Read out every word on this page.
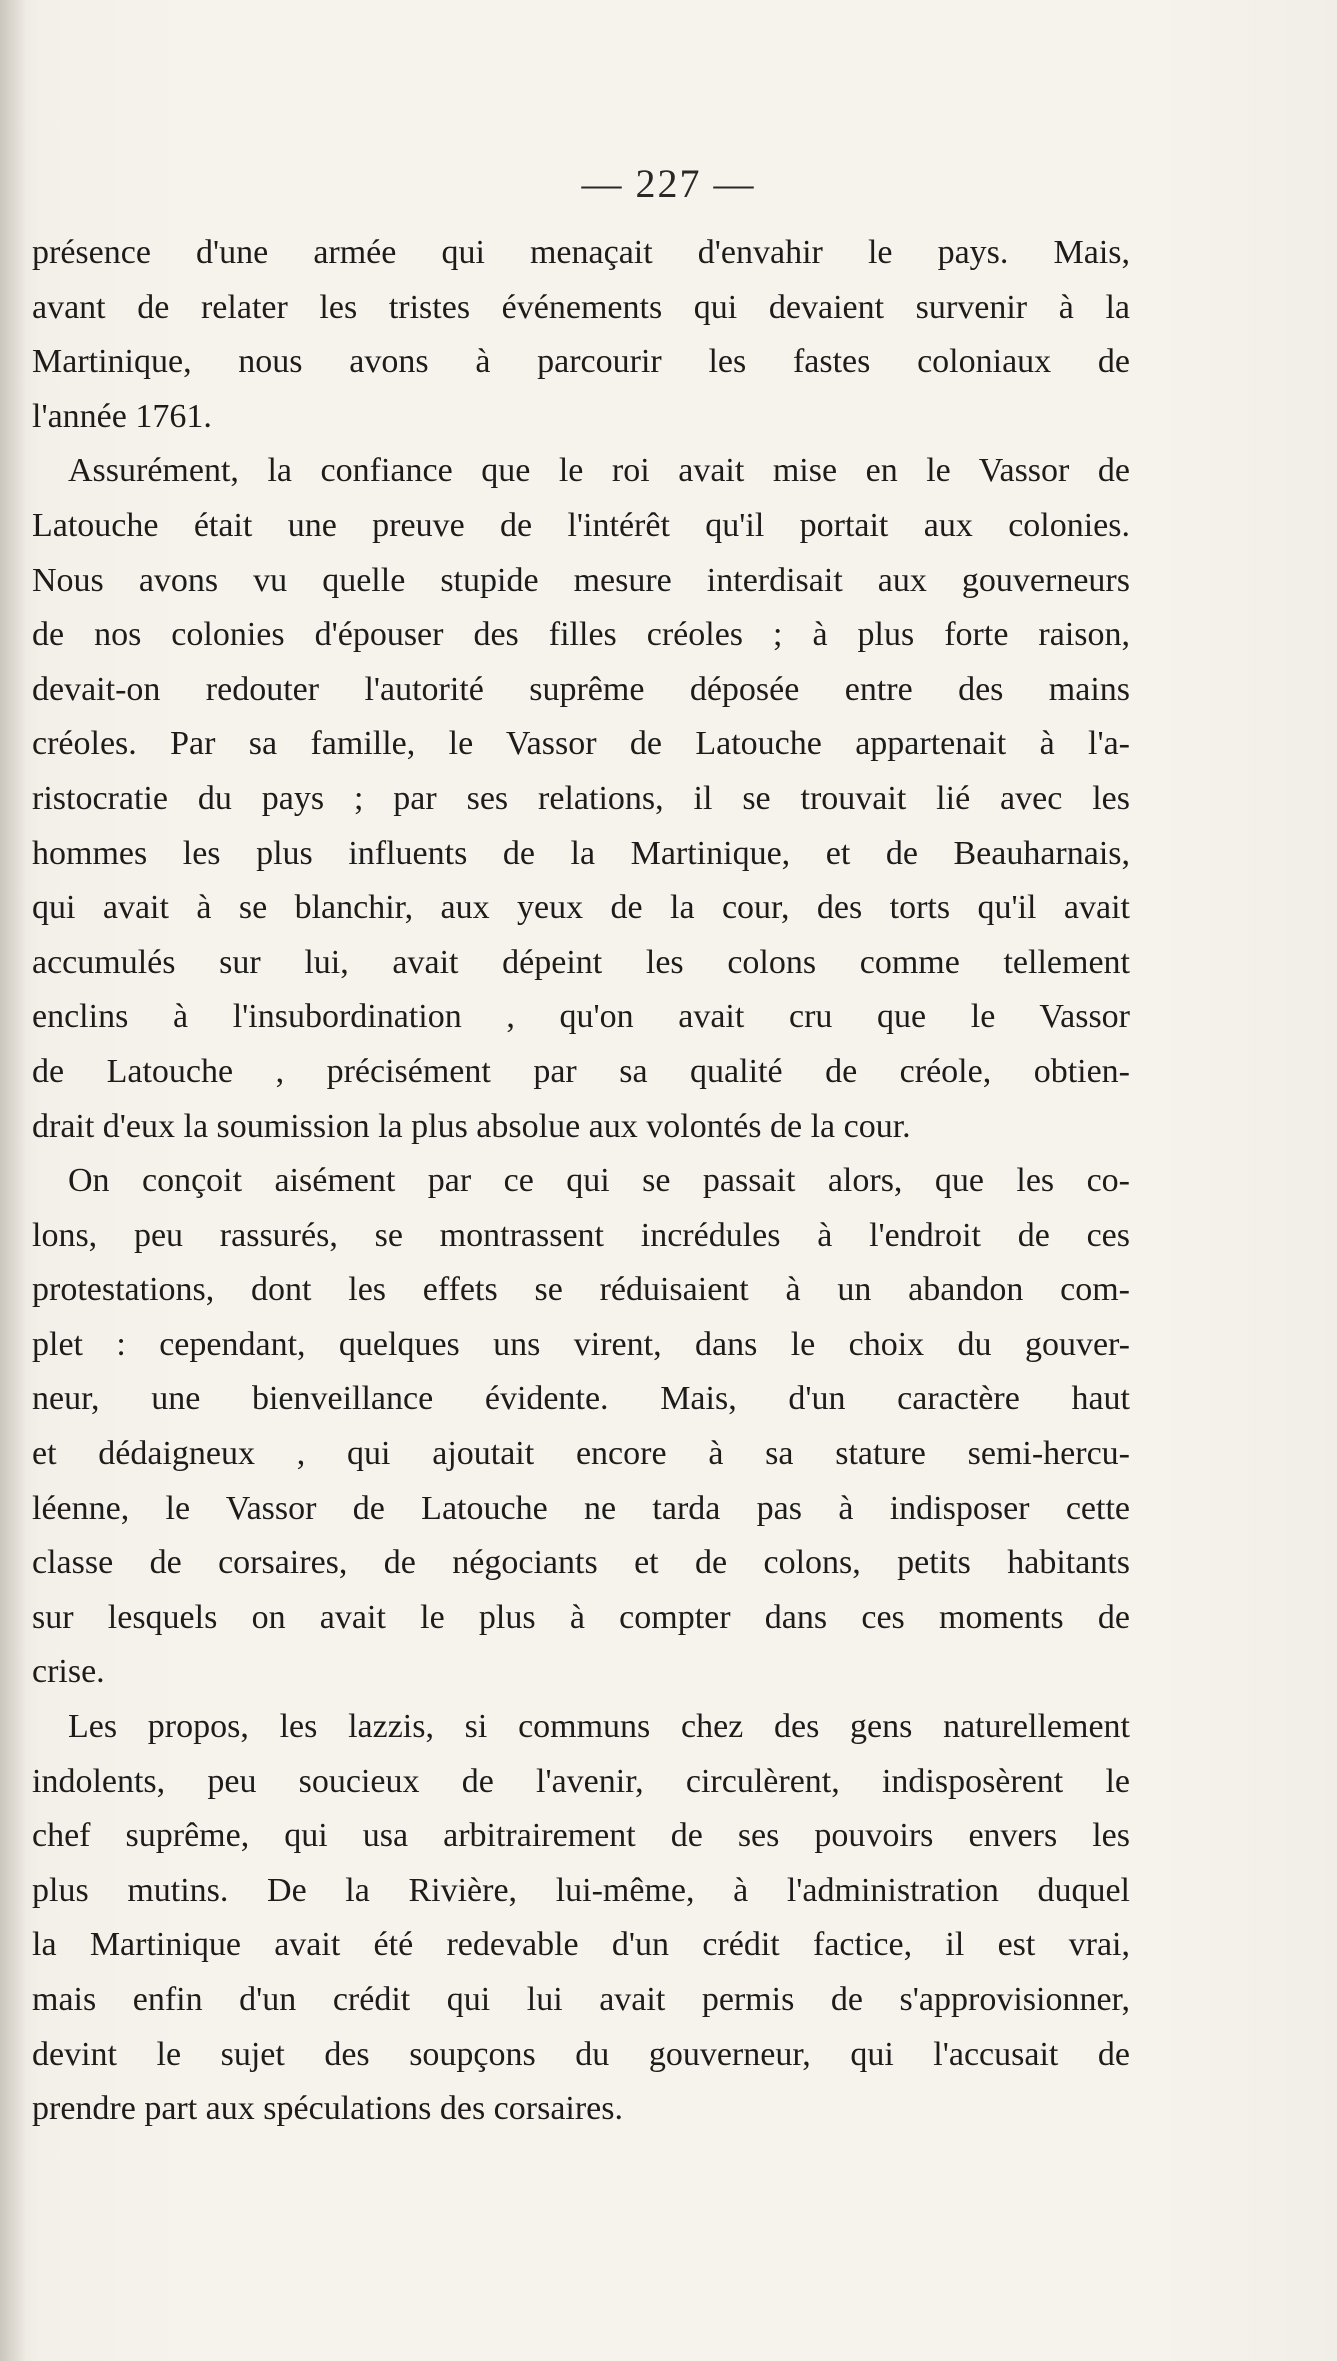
— 227 —
présence d'une armée qui menaçait d'envahir le pays. Mais,
avant de relater les tristes événements qui devaient survenir à la
Martinique, nous avons à parcourir les fastes coloniaux de
l'année 1761.
Assurément, la confiance que le roi avait mise en le Vassor de
Latouche était une preuve de l'intérêt qu'il portait aux colonies.
Nous avons vu quelle stupide mesure interdisait aux gouverneurs
de nos colonies d'épouser des filles créoles ; à plus forte raison,
devait-on redouter l'autorité suprême déposée entre des mains
créoles. Par sa famille, le Vassor de Latouche appartenait à l'a-
ristocratie du pays ; par ses relations, il se trouvait lié avec les
hommes les plus influents de la Martinique, et de Beauharnais,
qui avait à se blanchir, aux yeux de la cour, des torts qu'il avait
accumulés sur lui, avait dépeint les colons comme tellement
enclins à l'insubordination , qu'on avait cru que le Vassor
de Latouche , précisément par sa qualité de créole, obtien-
drait d'eux la soumission la plus absolue aux volontés de la cour.
On conçoit aisément par ce qui se passait alors, que les co-
lons, peu rassurés, se montrassent incrédules à l'endroit de ces
protestations, dont les effets se réduisaient à un abandon com-
plet : cependant, quelques uns virent, dans le choix du gouver-
neur, une bienveillance évidente. Mais, d'un caractère haut
et dédaigneux , qui ajoutait encore à sa stature semi-hercu-
léenne, le Vassor de Latouche ne tarda pas à indisposer cette
classe de corsaires, de négociants et de colons, petits habitants
sur lesquels on avait le plus à compter dans ces moments de
crise.
Les propos, les lazzis, si communs chez des gens naturellement
indolents, peu soucieux de l'avenir, circulèrent, indisposèrent le
chef suprême, qui usa arbitrairement de ses pouvoirs envers les
plus mutins. De la Rivière, lui-même, à l'administration duquel
la Martinique avait été redevable d'un crédit factice, il est vrai,
mais enfin d'un crédit qui lui avait permis de s'approvisionner,
devint le sujet des soupçons du gouverneur, qui l'accusait de
prendre part aux spéculations des corsaires.
